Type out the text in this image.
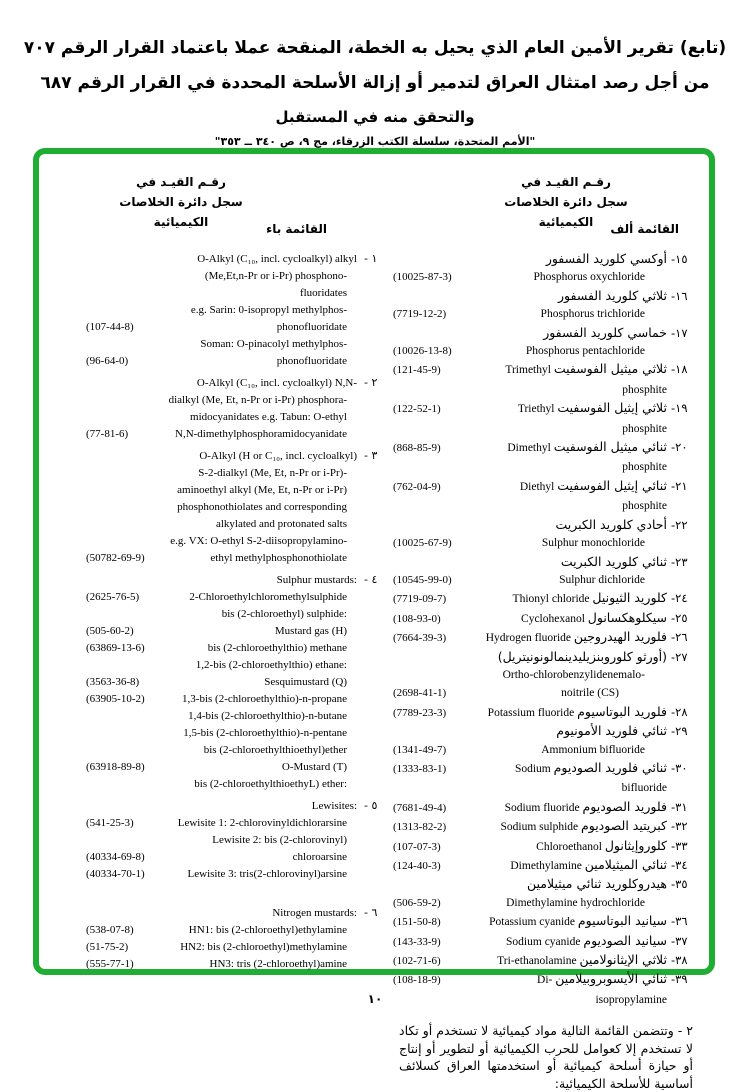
(تابع) تقرير الأمين العام الذي يحيل به الخطة، المنقحة عملا باعتماد القرار الرقم ٧٠٧
من أجل رصد امتثال العراق لتدمير أو إزالة الأسلحة المحددة في القرار الرقم ٦٨٧
والتحقق منه في المستقبل
"الأمم المتحدة، سلسلة الكتب الزرقاء، مج ٩، ص ٣٤٠ ــ ٣٥٣"
رقـم القيـد في
سجل دائرة الخلاصات
الكيميائية	القائمة باء
O-Alkyl (C₁₀, incl. cycloalkyl) alkyl - ١
(Me,Et,n-Pr or i-Pr) phosphono-
fluoridates
e.g. Sarin: 0-isopropyl methylphos-
(107-44-8)	phonofluoridate
Soman: O-pinacolyl methylphos-
(96-64-0)	phonofluoridate
O-Alkyl (C₁₀, incl. cycloalkyl) N,N- - ٢
dialkyl (Me, Et, n-Pr or i-Pr) phosphora-
midocyanidates e.g. Tabun: O-ethyl
(77-81-6)	N,N-dimethylphosphoramidocyanidate
O-Alkyl (H or C₁₀, incl. cycloalkyl) - ٣
S-2-dialkyl (Me, Et, n-Pr or i-Pr)-
aminoethyl alkyl (Me, Et, n-Pr or i-Pr)
phosphonothiolates and corresponding
alkylated and protonated salts
e.g. VX: O-ethyl S-2-diisopropylamino-
(50782-69-9)	ethyl methylphosphonothiolate
Sulphur mustards: - ٤
(2625-76-5)	2-Chloroethylchloromethylsulphide
bis (2-chloroethyl) sulphide:
(505-60-2)	Mustard gas (H)
(63869-13-6)	bis (2-chloroethylthio) methane
1,2-bis (2-chloroethylthio) ethane:
(3563-36-8)	Sesquimustard (Q)
(63905-10-2)	1,3-bis (2-chloroethylthio)-n-propane
1,4-bis (2-chloroethylthio)-n-butane
1,5-bis (2-chloroethylthio)-n-pentane
bis (2-chloroethylthioethyl)ether
(63918-89-8)	O-Mustard (T)
bis (2-chloroethylthioethyL) ether:
Lewisites: - ٥
(541-25-3)	Lewisite 1: 2-chlorovinyldichlorarsine
Lewisite 2: bis (2-chlorovinyl)
(40334-69-8)	chloroarsine
(40334-70-1)	Lewisite 3: tris(2-chlorovinyl)arsine
Nitrogen mustards: - ٦
(538-07-8)	HN1: bis (2-chloroethyl)ethylamine
(51-75-2)	HN2: bis (2-chloroethyl)methylamine
(555-77-1)	HN3: tris (2-chloroethyl)amine
رقـم القيـد في
سجل دائرة الخلاصات
الكيميائية	القائمة ألف
أوكسي كلوريد الفسفور -١٥
(10025-87-3)	Phosphorus oxychloride
ثلاثي كلوريد الفسفور -١٦
(7719-12-2)	Phosphorus trichloride
خماسي كلوريد الفسفور -١٧
(10026-13-8)	Phosphorus pentachloride
(121-45-9)	ثلاثي ميثيل الفوسفيت Trimethyl phosphite
-١٨
(122-52-1)	ثلاثي إيثيل الفوسفيت Triethyl phosphite
-١٩
(868-85-9)	ثنائي ميثيل الفوسفيت Dimethyl phosphite
-٢٠
(762-04-9)	ثنائي إيثيل الفوسفيت Diethyl phosphite
-٢١
أحادي كلوريد الكبريت -٢٢
(10025-67-9)	Sulphur monochloride
ثنائي كلوريد الكبريت -٢٣
(10545-99-0)	Sulphur dichloride
(7719-09-7)	كلوريد الثيونيل Thionyl chloride	-٢٤
(108-93-0)	سيكلوهكسانول Cyclohexanol	-٢٥
(7664-39-3)	فلوريد الهيدروجين Hydrogen fluoride	-٢٦
(أورثو كلوروبنزيليدينمالونونيتريل) -٢٧
Ortho-chlorobenzylidenemalo-
(2698-41-1)	noitrile (CS)
(7789-23-3)	فلوريد البوتاسيوم Potassium fluoride	-٢٨
ثنائي فلوريد الأمونيوم -٢٩
(1341-49-7)	Ammonium bifluoride
(1333-83-1)	ثنائي فلوريد الصوديوم Sodium bifluoride
-٣٠
(7681-49-4)	فلوريد الصوديوم Sodium fluoride	-٣١
(1313-82-2)	كبريتيد الصوديوم Sodium sulphide	-٣٢
(107-07-3)	كلوروإيثانول Chloroethanol	-٣٣
(124-40-3)	ثنائي الميثيلامين Dimethylamine	-٣٤
هيدروكلوريد ثنائي ميثيلامين -٣٥
(506-59-2)	Dimethylamine hydrochloride
(151-50-8)	سيانيد البوتاسيوم Potassium cyanide	-٣٦
(143-33-9)	سيانيد الصوديوم Sodium cyanide	-٣٧
(102-71-6)	ثلاثي الإيثانولامين Tri-ethanolamine	-٣٨
(108-18-9)	ثنائي الأيسوبروبيلامين Di-isopropylamine
-٣٩
٢ - وتتضمن القائمة التالية مواد كيميائية لا تستخدم أو تكاد لا تستخدم إلا كعوامل للحرب الكيميائية أو لتطوير أو إنتاج أو حيازة أسلحة كيميائية أو استخدمتها العراق كسلائف أساسية للأسلحة الكيميائية:
١٠
